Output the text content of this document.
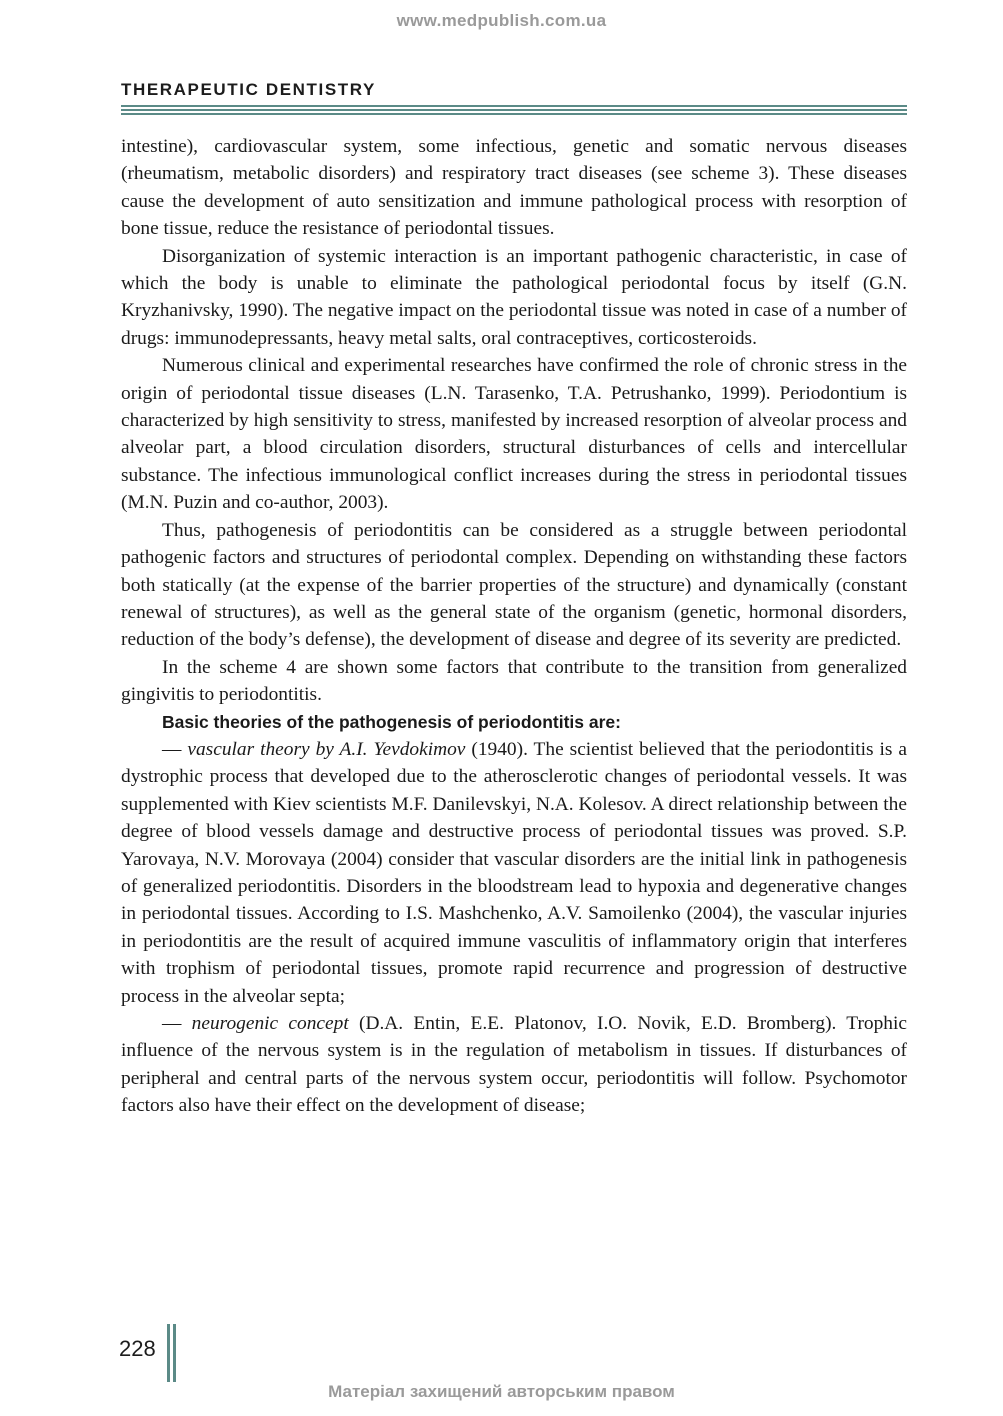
www.medpublish.com.ua
THERAPEUTIC DENTISTRY

intestine), cardiovascular system, some infectious, genetic and somatic nervous diseases (rheumatism, metabolic disorders) and respiratory tract diseases (see scheme 3). These diseases cause the development of auto sensitization and immune pathological process with resorption of bone tissue, reduce the resistance of periodontal tissues.

Disorganization of systemic interaction is an important pathogenic characteristic, in case of which the body is unable to eliminate the pathological periodontal focus by itself (G.N. Kryzhanivsky, 1990). The negative impact on the periodontal tissue was noted in case of a number of drugs: immunodepressants, heavy metal salts, oral contraceptives, corticosteroids.

Numerous clinical and experimental researches have confirmed the role of chronic stress in the origin of periodontal tissue diseases (L.N. Tarasenko, T.A. Petrushanko, 1999). Periodontium is characterized by high sensitivity to stress, manifested by increased resorption of alveolar process and alveolar part, a blood circulation disorders, structural disturbances of cells and intercellular substance. The infectious immunological conflict increases during the stress in periodontal tissues (M.N. Puzin and co-author, 2003).

Thus, pathogenesis of periodontitis can be considered as a struggle between periodontal pathogenic factors and structures of periodontal complex. Depending on withstanding these factors both statically (at the expense of the barrier properties of the structure) and dynamically (constant renewal of structures), as well as the general state of the organism (genetic, hormonal disorders, reduction of the body’s defense), the development of disease and degree of its severity are predicted.

In the scheme 4 are shown some factors that contribute to the transition from generalized gingivitis to periodontitis.

Basic theories of the pathogenesis of periodontitis are:

— vascular theory by A.I. Yevdokimov (1940). The scientist believed that the periodontitis is a dystrophic process that developed due to the atherosclerotic changes of periodontal vessels. It was supplemented with Kiev scientists M.F. Danilevskyi, N.A. Kolesov. A direct relationship between the degree of blood vessels damage and destructive process of periodontal tissues was proved. S.P. Yarovaya, N.V. Morovaya (2004) consider that vascular disorders are the initial link in pathogenesis of generalized periodontitis. Disorders in the bloodstream lead to hypoxia and degenerative changes in periodontal tissues. According to I.S. Mashchenko, A.V. Samoilenko (2004), the vascular injuries in periodontitis are the result of acquired immune vasculitis of inflammatory origin that interferes with trophism of periodontal tissues, promote rapid recurrence and progression of destructive process in the alveolar septa;

— neurogenic concept (D.A. Entin, E.E. Platonov, I.O. Novik, E.D. Bromberg). Trophic influence of the nervous system is in the regulation of metabolism in tissues. If disturbances of peripheral and central parts of the nervous system occur, periodontitis will follow. Psychomotor factors also have their effect on the development of disease;

228
Матеріал захищений авторським правом
